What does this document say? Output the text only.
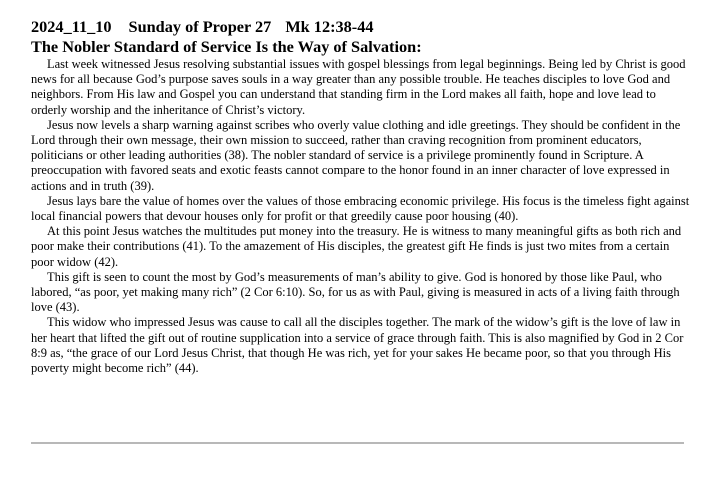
2024_11_10 Sunday of Proper 27 Mk 12:38-44
The Nobler Standard of Service Is the Way of Salvation:

Last week witnessed Jesus resolving substantial issues with gospel blessings from legal beginnings. Being led by Christ is good news for all because God’s purpose saves souls in a way greater than any possible trouble. He teaches disciples to love God and neighbors. From His law and Gospel you can understand that standing firm in the Lord makes all faith, hope and love lead to orderly worship and the inheritance of Christ’s victory.

Jesus now levels a sharp warning against scribes who overly value clothing and idle greetings. They should be confident in the Lord through their own message, their own mission to succeed, rather than craving recognition from prominent educators, politicians or other leading authorities (38). The nobler standard of service is a privilege prominently found in Scripture. A preoccupation with favored seats and exotic feasts cannot compare to the honor found in an inner character of love expressed in actions and in truth (39).

Jesus lays bare the value of homes over the values of those embracing economic privilege. His focus is the timeless fight against local financial powers that devour houses only for profit or that greedily cause poor housing (40).

At this point Jesus watches the multitudes put money into the treasury. He is witness to many meaningful gifts as both rich and poor make their contributions (41). To the amazement of His disciples, the greatest gift He finds is just two mites from a certain poor widow (42).

This gift is seen to count the most by God’s measurements of man’s ability to give. God is honored by those like Paul, who labored, “as poor, yet making many rich” (2 Cor 6:10). So, for us as with Paul, giving is measured in acts of a living faith through love (43).

This widow who impressed Jesus was cause to call all the disciples together. The mark of the widow’s gift is the love of law in her heart that lifted the gift out of routine supplication into a service of grace through faith. This is also magnified by God in 2 Cor 8:9 as, “the grace of our Lord Jesus Christ, that though He was rich, yet for your sakes He became poor, so that you through His poverty might become rich” (44).
